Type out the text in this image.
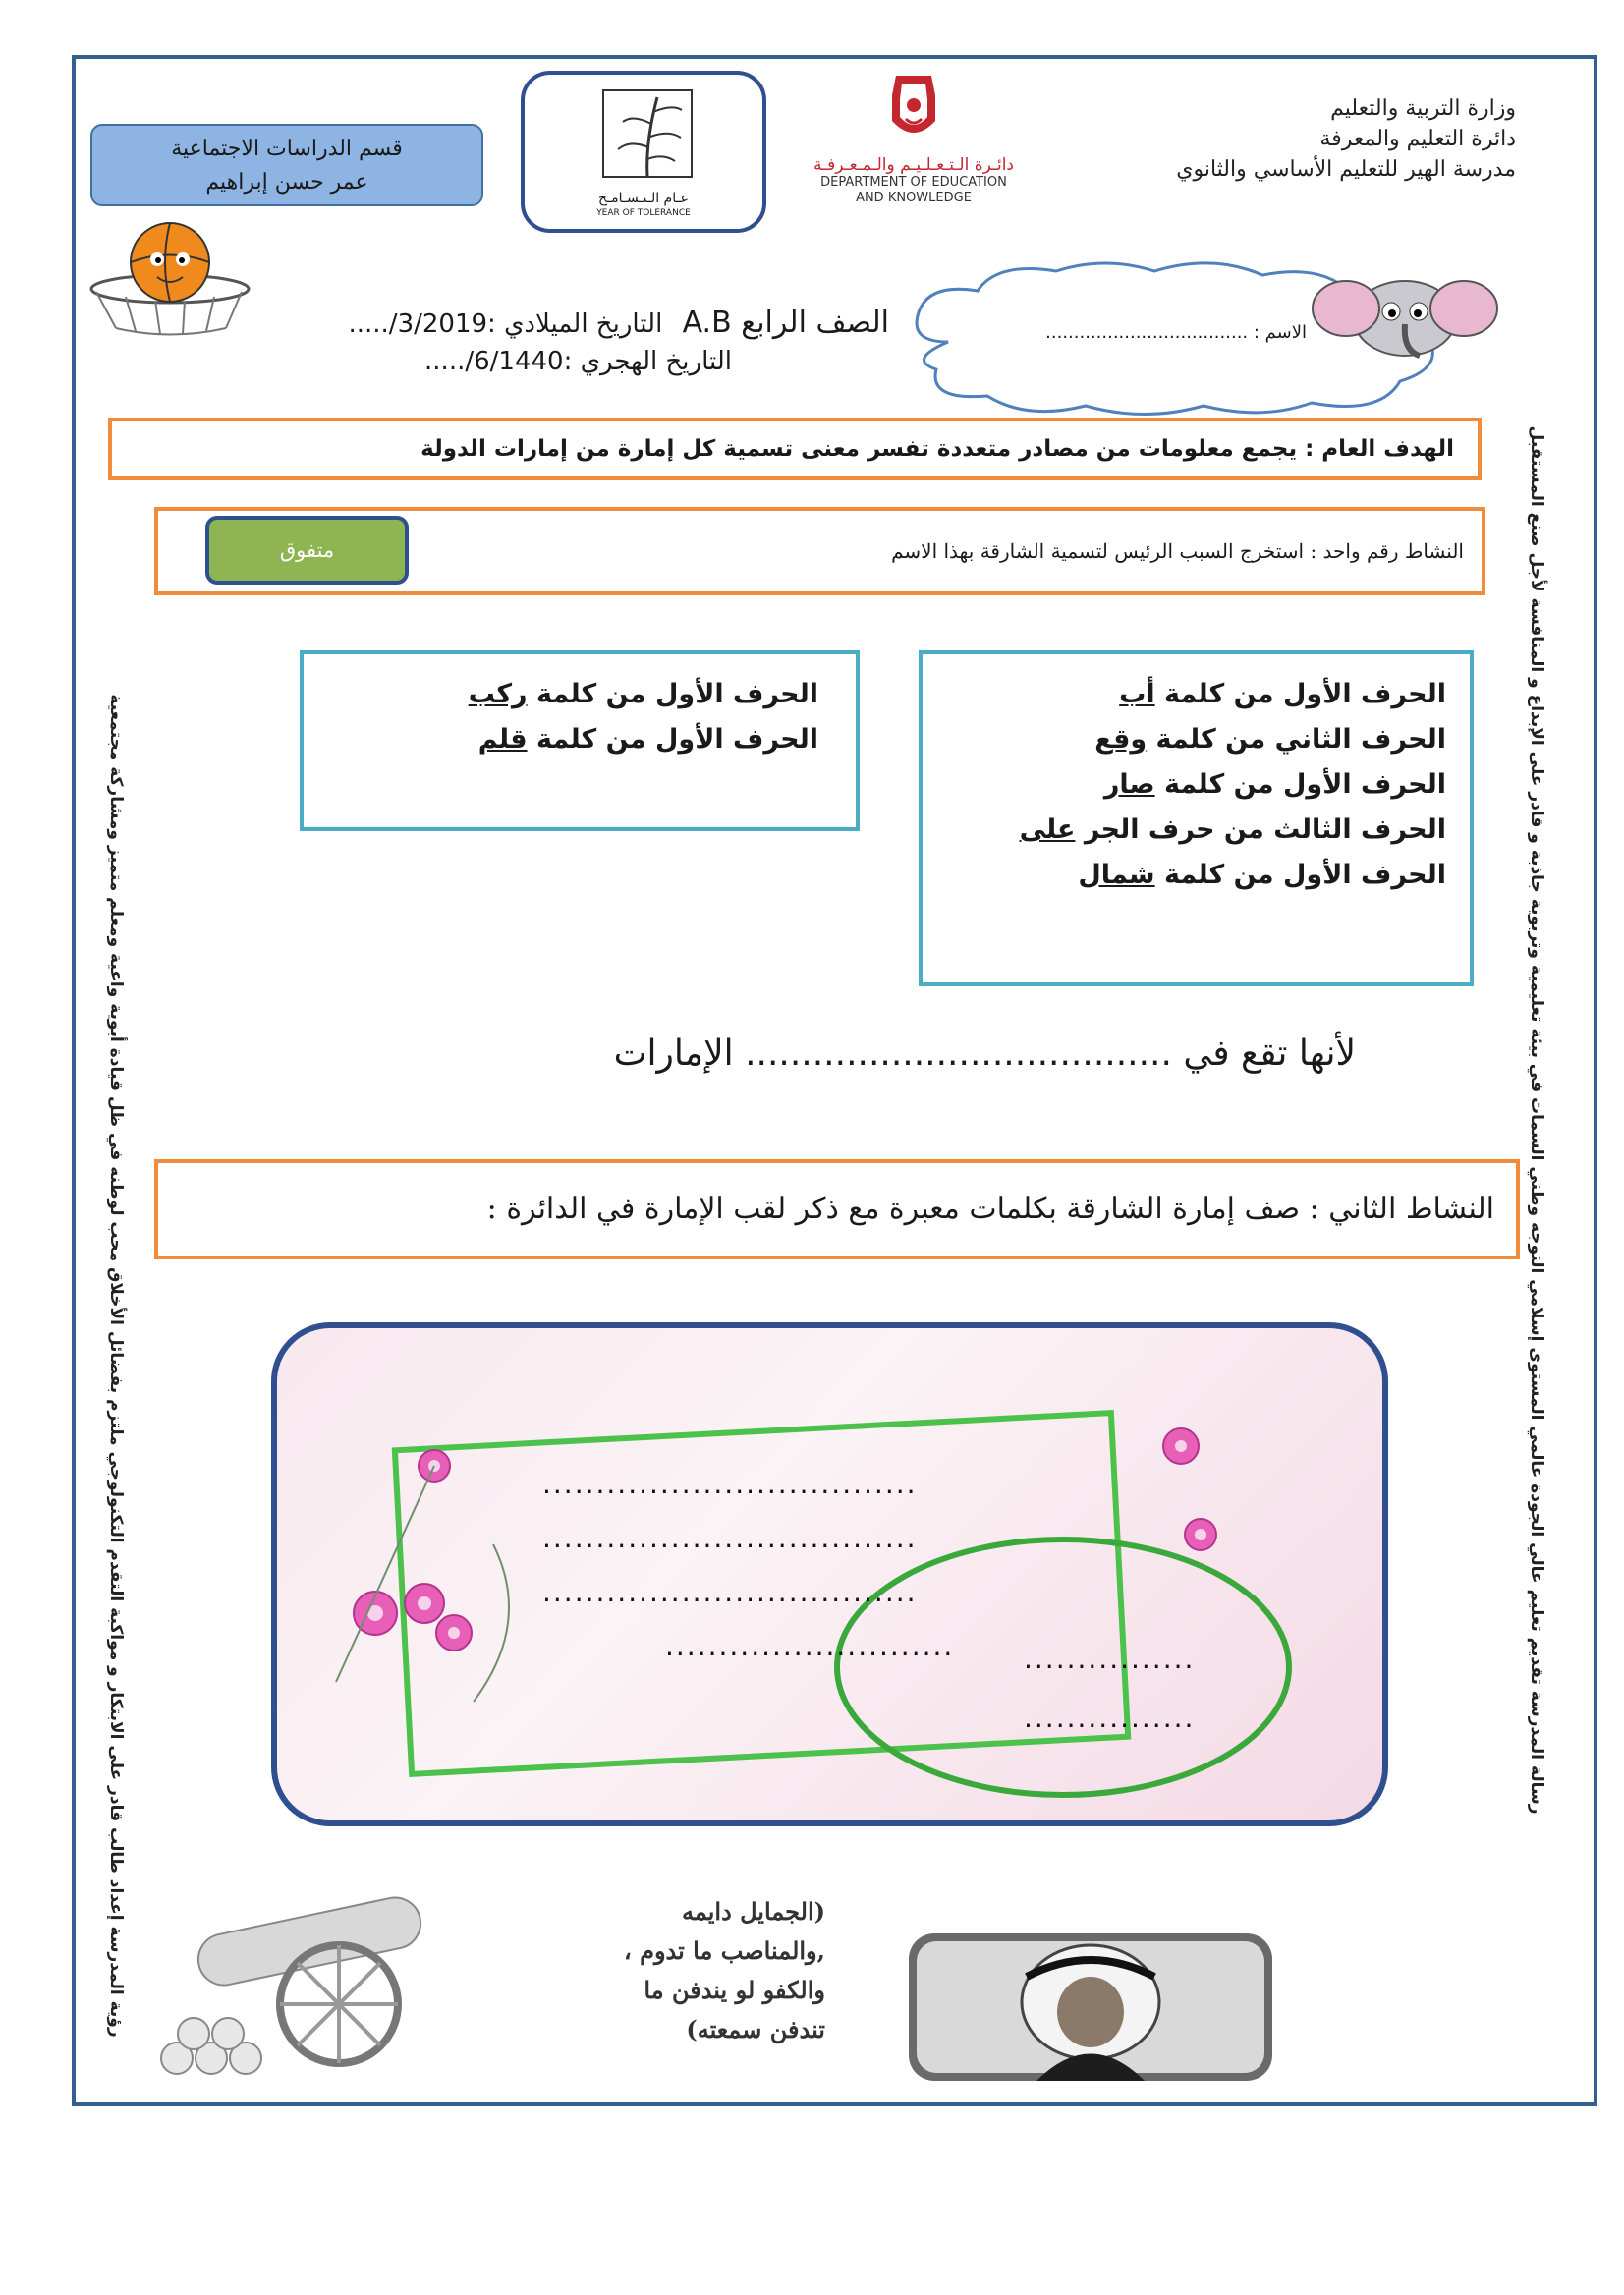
وزارة التربية والتعليم
دائرة التعليم والمعرفة
مدرسة الهير للتعليم الأساسي والثانوي
دائـرة الـتـعـلـيـم والـمـعـرفـة
DEPARTMENT OF EDUCATION
AND KNOWLEDGE
عـام الـتـسـامـح
YEAR OF TOLERANCE
قسم الدراسات الاجتماعية
عمر حسن إبراهيم
الصف الرابع A.B التاريخ الميلادي :3/2019/.....
التاريخ الهجري :6/1440/.....
الاسم : ....................................
الهدف العام : يجمع معلومات من مصادر متعددة تفسر معنى تسمية كل إمارة من إمارات الدولة
النشاط رقم واحد : استخرج السبب الرئيس لتسمية الشارقة بهذا الاسم
متفوق

الحرف الأول من كلمة أب

الحرف الثاني من كلمة وقع

الحرف الأول من كلمة صار

الحرف الثالث من حرف الجر على

الحرف الأول من كلمة شمال

الحرف الأول من كلمة ركب

الحرف الأول من كلمة قلم

لأنها تقع في ...................................... الإمارات
النشاط الثاني : صف إمارة الشارقة بكلمات معبرة مع ذكر لقب الإمارة في الدائرة :
...................................
...................................
...................................
...........................	................
................
رؤية المدرسة إعداد طالب قادر على الابتكار و مواكبة التقدم التكنولوجي ملتزم بفضائل الأخلاق محب لوطنه في ظل قيادة أبوية واعية ومعلم متميز ومشاركة مجتمعية	رسالة المدرسة تقديم تعليم عالي الجودة عالمي المستوى إسلامي التوجه وطني السمات في بيئة تعليمية وتربوية جاذبة و قادر على الإبداع و المنافسة لأجل صنع المستقبل
(الجمايل دايمه
,والمناصب ما تدوم ،
والكفو لو يندفن ما
تندفن سمعته)
